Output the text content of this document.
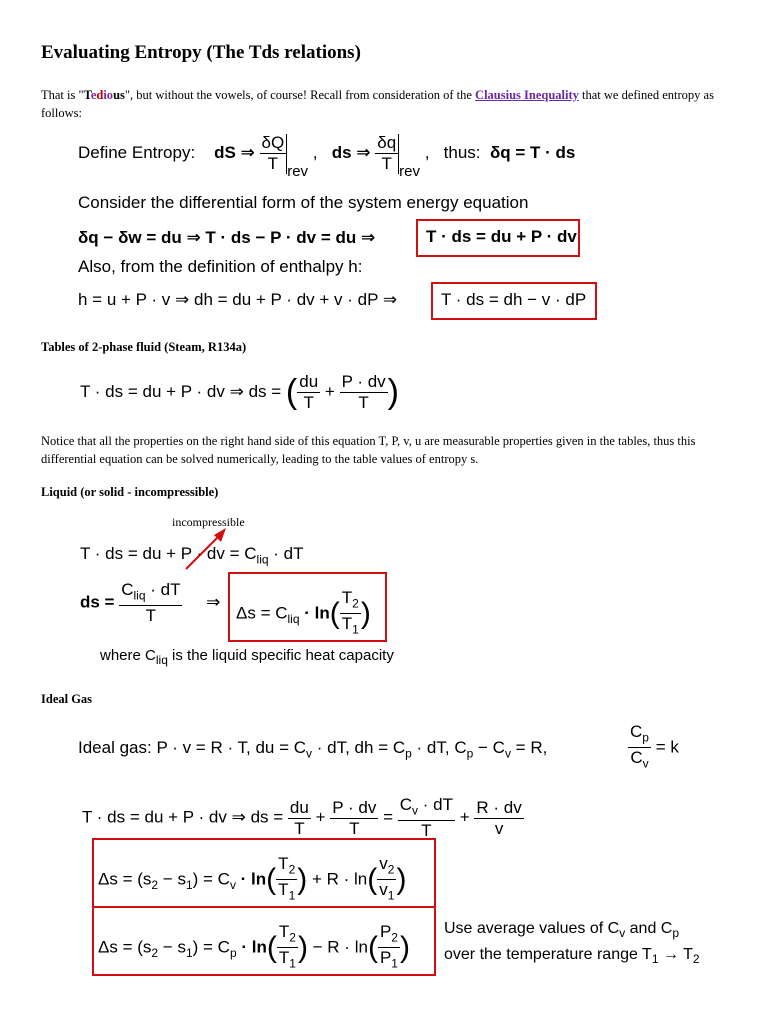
Evaluating Entropy (The Tds relations)
That is "Tedious", but without the vowels, of course! Recall from consideration of the Clausius Inequality that we defined entropy as follows:
Define Entropy: dS ⇒ $\frac{\delta Q}{T} _{rev}$ , ds ⇒ $\frac{\delta q}{T} _{rev}$ , thus: δq = T · ds
Consider the differential form of the system energy equation
δq − δw = du ⇒ T · ds − P · dv = du ⇒	T · ds = du + P · dv
Also, from the definition of enthalpy h:
h = u + P · v ⇒ dh = du + P · dv + v · dP ⇒	T · ds = dh − v · dP
Tables of 2-phase fluid (Steam, R134a)
T · ds = du + P · dv ⇒ ds = ( $\frac{du}{T} + \frac{P \cdot dv}{T}$ )
Notice that all the properties on the right hand side of this equation T, P, v, u are measurable properties given in the tables, thus this differential equation can be solved numerically, leading to the table values of entropy s.
Liquid (or solid - incompressible)
incompressible
T · ds = du + P · dv = $C_{liq}$ · dT
ds = $\frac{C_{liq} \cdot dT}{T}$ ⇒
$\Delta s = C_{liq} \cdot \ln( \frac{T_2}{T_1}$ )
where $C_{liq}$ is the liquid specific heat capacity
Ideal Gas
Ideal gas: P · v = R · T, du = $C_v$ · dT, dh = $C_p$ · dT, $C_p - C_v = R$,	$\frac{C_p}{C_v} = k$
T · ds = du + P · dv ⇒ ds = $\frac{du}{T} + \frac{P \cdot dv}{T} = \frac{C_v \cdot dT}{T} + \frac{R \cdot dv}{v}$
$\Delta s = (s_2 - s_1) = C_v \cdot \ln( \frac{T_2}{T_1}$ ) + $R \cdot \ln( \frac{v_2}{v_1}$ )
$\Delta s = (s_2 - s_1) = C_p \cdot \ln( \frac{T_2}{T_1}$ ) − $R \cdot \ln( \frac{P_2}{P_1}$ )
Use average values of $C_v$ and $C_p$
over the temperature range $T_1 \to T_2$
